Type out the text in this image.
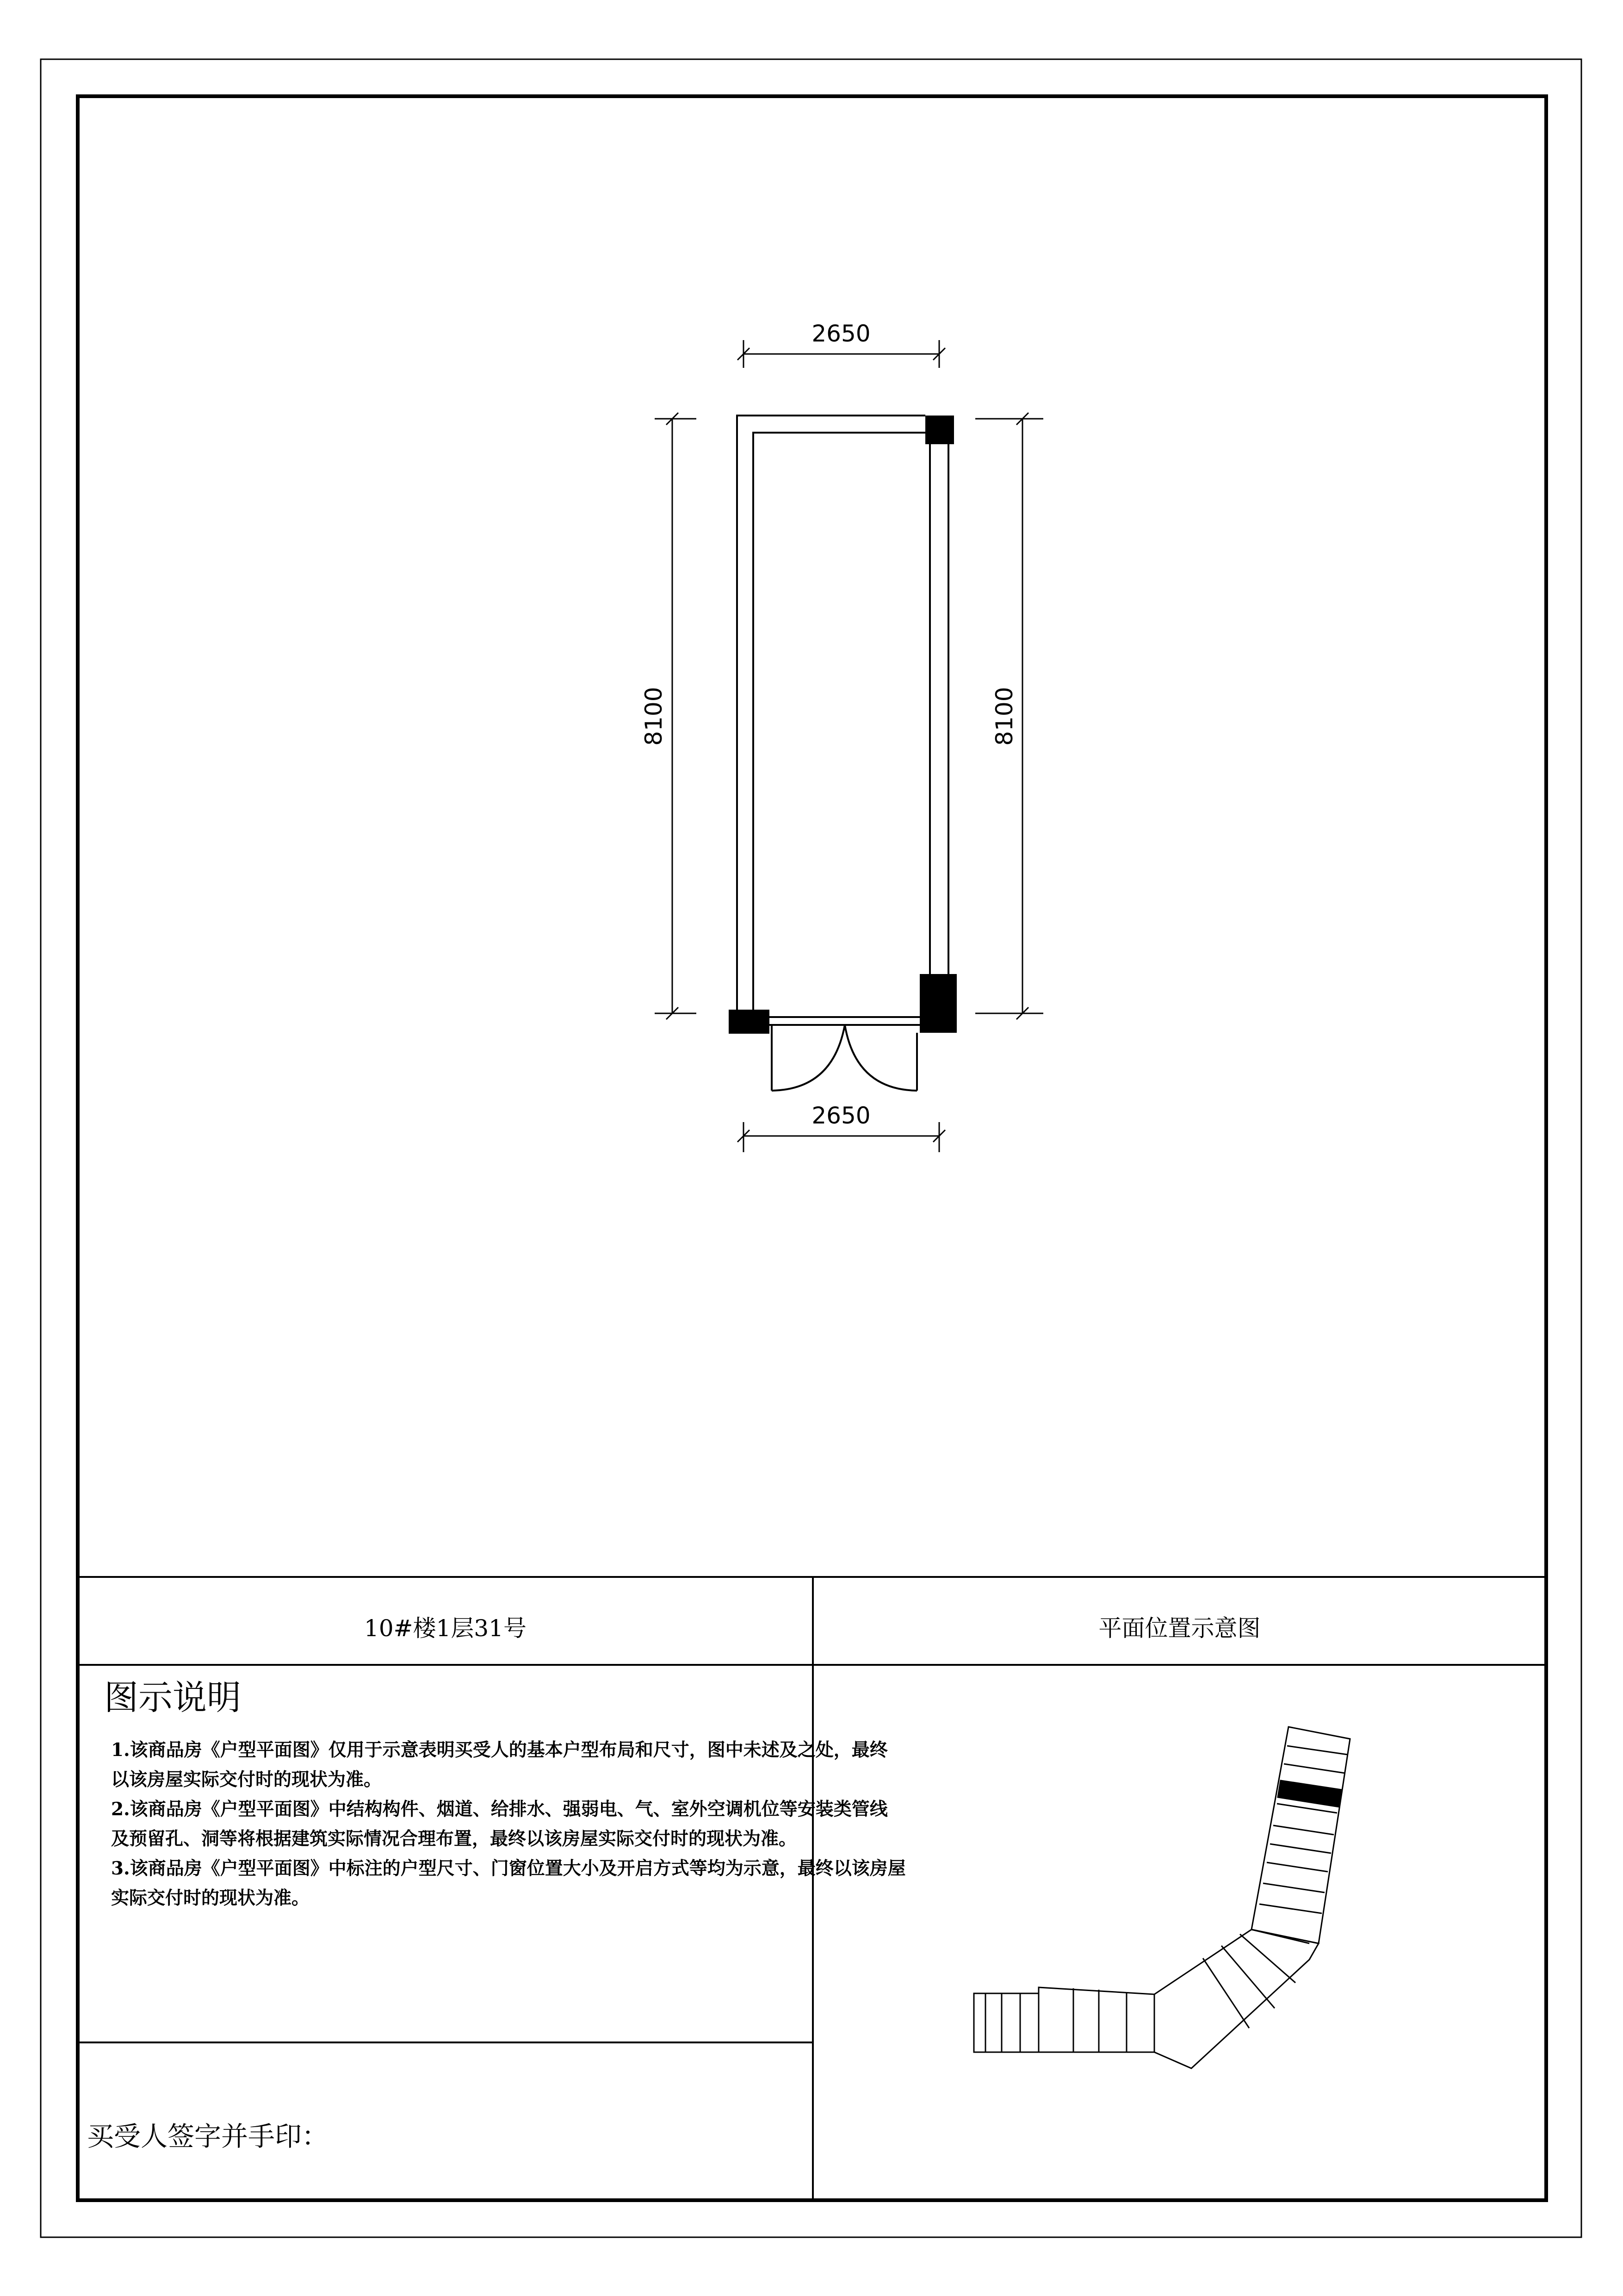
2650
2650
8100	8100
10#楼1层31号	平面位置示意图
图示说明
1.该商品房《户型平面图》仅用于示意表明买受人的基本户型布局和尺寸，图中未述及之处，最终
以该房屋实际交付时的现状为准。
2.该商品房《户型平面图》中结构构件、烟道、给排水、强弱电、气、室外空调机位等安装类管线
及预留孔、洞等将根据建筑实际情况合理布置，最终以该房屋实际交付时的现状为准。
3.该商品房《户型平面图》中标注的户型尺寸、门窗位置大小及开启方式等均为示意，最终以该房屋
实际交付时的现状为准。
买受人签字并手印：
